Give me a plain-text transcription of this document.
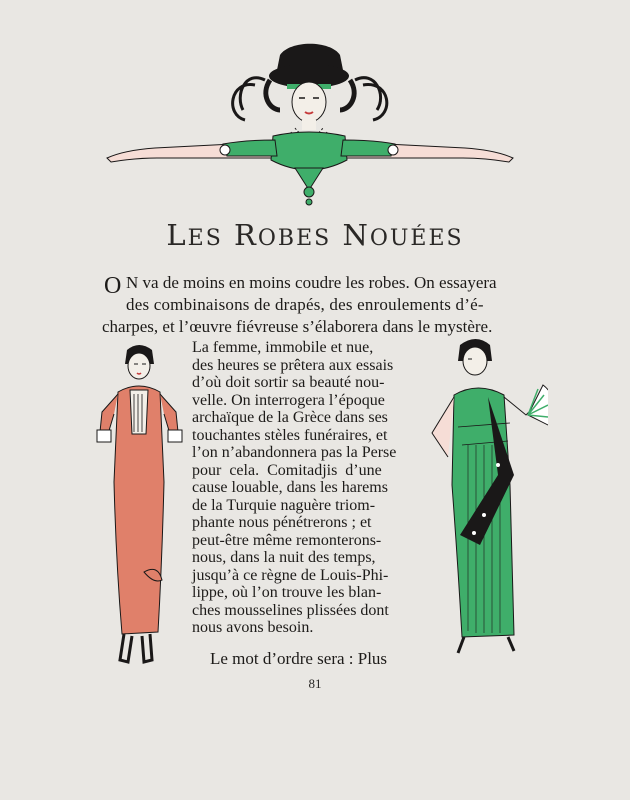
LES ROBES NOUÉES
O N va de moins en moins coudre les robes. On essayera
des combinaisons de drapés, des enroulements d’é-
charpes, et l’œuvre fiévreuse s’élaborera dans le mystère.
La femme, immobile et nue,
des heures se prêtera aux essais
d’où doit sortir sa beauté nou-
velle. On interrogera l’époque
archaïque de la Grèce dans ses
touchantes stèles funéraires, et
l’on n’abandonnera pas la Perse
pour cela. Comitadjis d’une
cause louable, dans les harems
de la Turquie naguère triom-
phante nous pénétrerons ; et
peut-être même remonterons-
nous, dans la nuit des temps,
jusqu’à ce règne de Louis-Phi-
lippe, où l’on trouve les blan-
ches mousselines plissées dont
nous avons besoin.
Le mot d’ordre sera : Plus
81
